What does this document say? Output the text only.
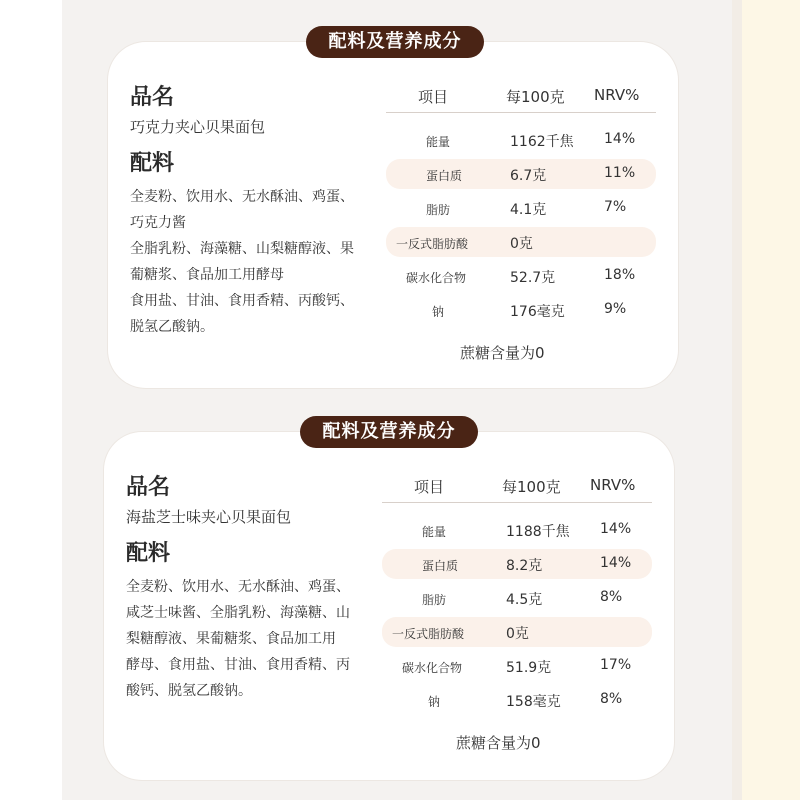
配料及营养成分
品名
巧克力夹心贝果面包
配料
全麦粉、饮用水、无水酥油、鸡蛋、
巧克力酱
全脂乳粉、海藻糖、山梨糖醇液、果
葡糖浆、食品加工用酵母
食用盐、甘油、食用香精、丙酸钙、
脱氢乙酸钠。
项目	每100克 NRV%
能量	1162千焦 14%
蛋白质	6.7克	11%
脂肪	4.1克	7%
一反式脂肪酸	0克
碳水化合物	52.7克	18%
钠	176毫克	9%
蔗糖含量为0
配料及营养成分
品名
海盐芝士味夹心贝果面包
配料
全麦粉、饮用水、无水酥油、鸡蛋、
咸芝士味酱、全脂乳粉、海藻糖、山
梨糖醇液、果葡糖浆、食品加工用
酵母、食用盐、甘油、食用香精、丙
酸钙、脱氢乙酸钠。
项目	每100克 NRV%
能量	1188千焦 14%
蛋白质	8.2克	14%
脂肪	4.5克	8%
一反式脂肪酸	0克
碳水化合物	51.9克	17%
钠	158毫克	8%
蔗糖含量为0
